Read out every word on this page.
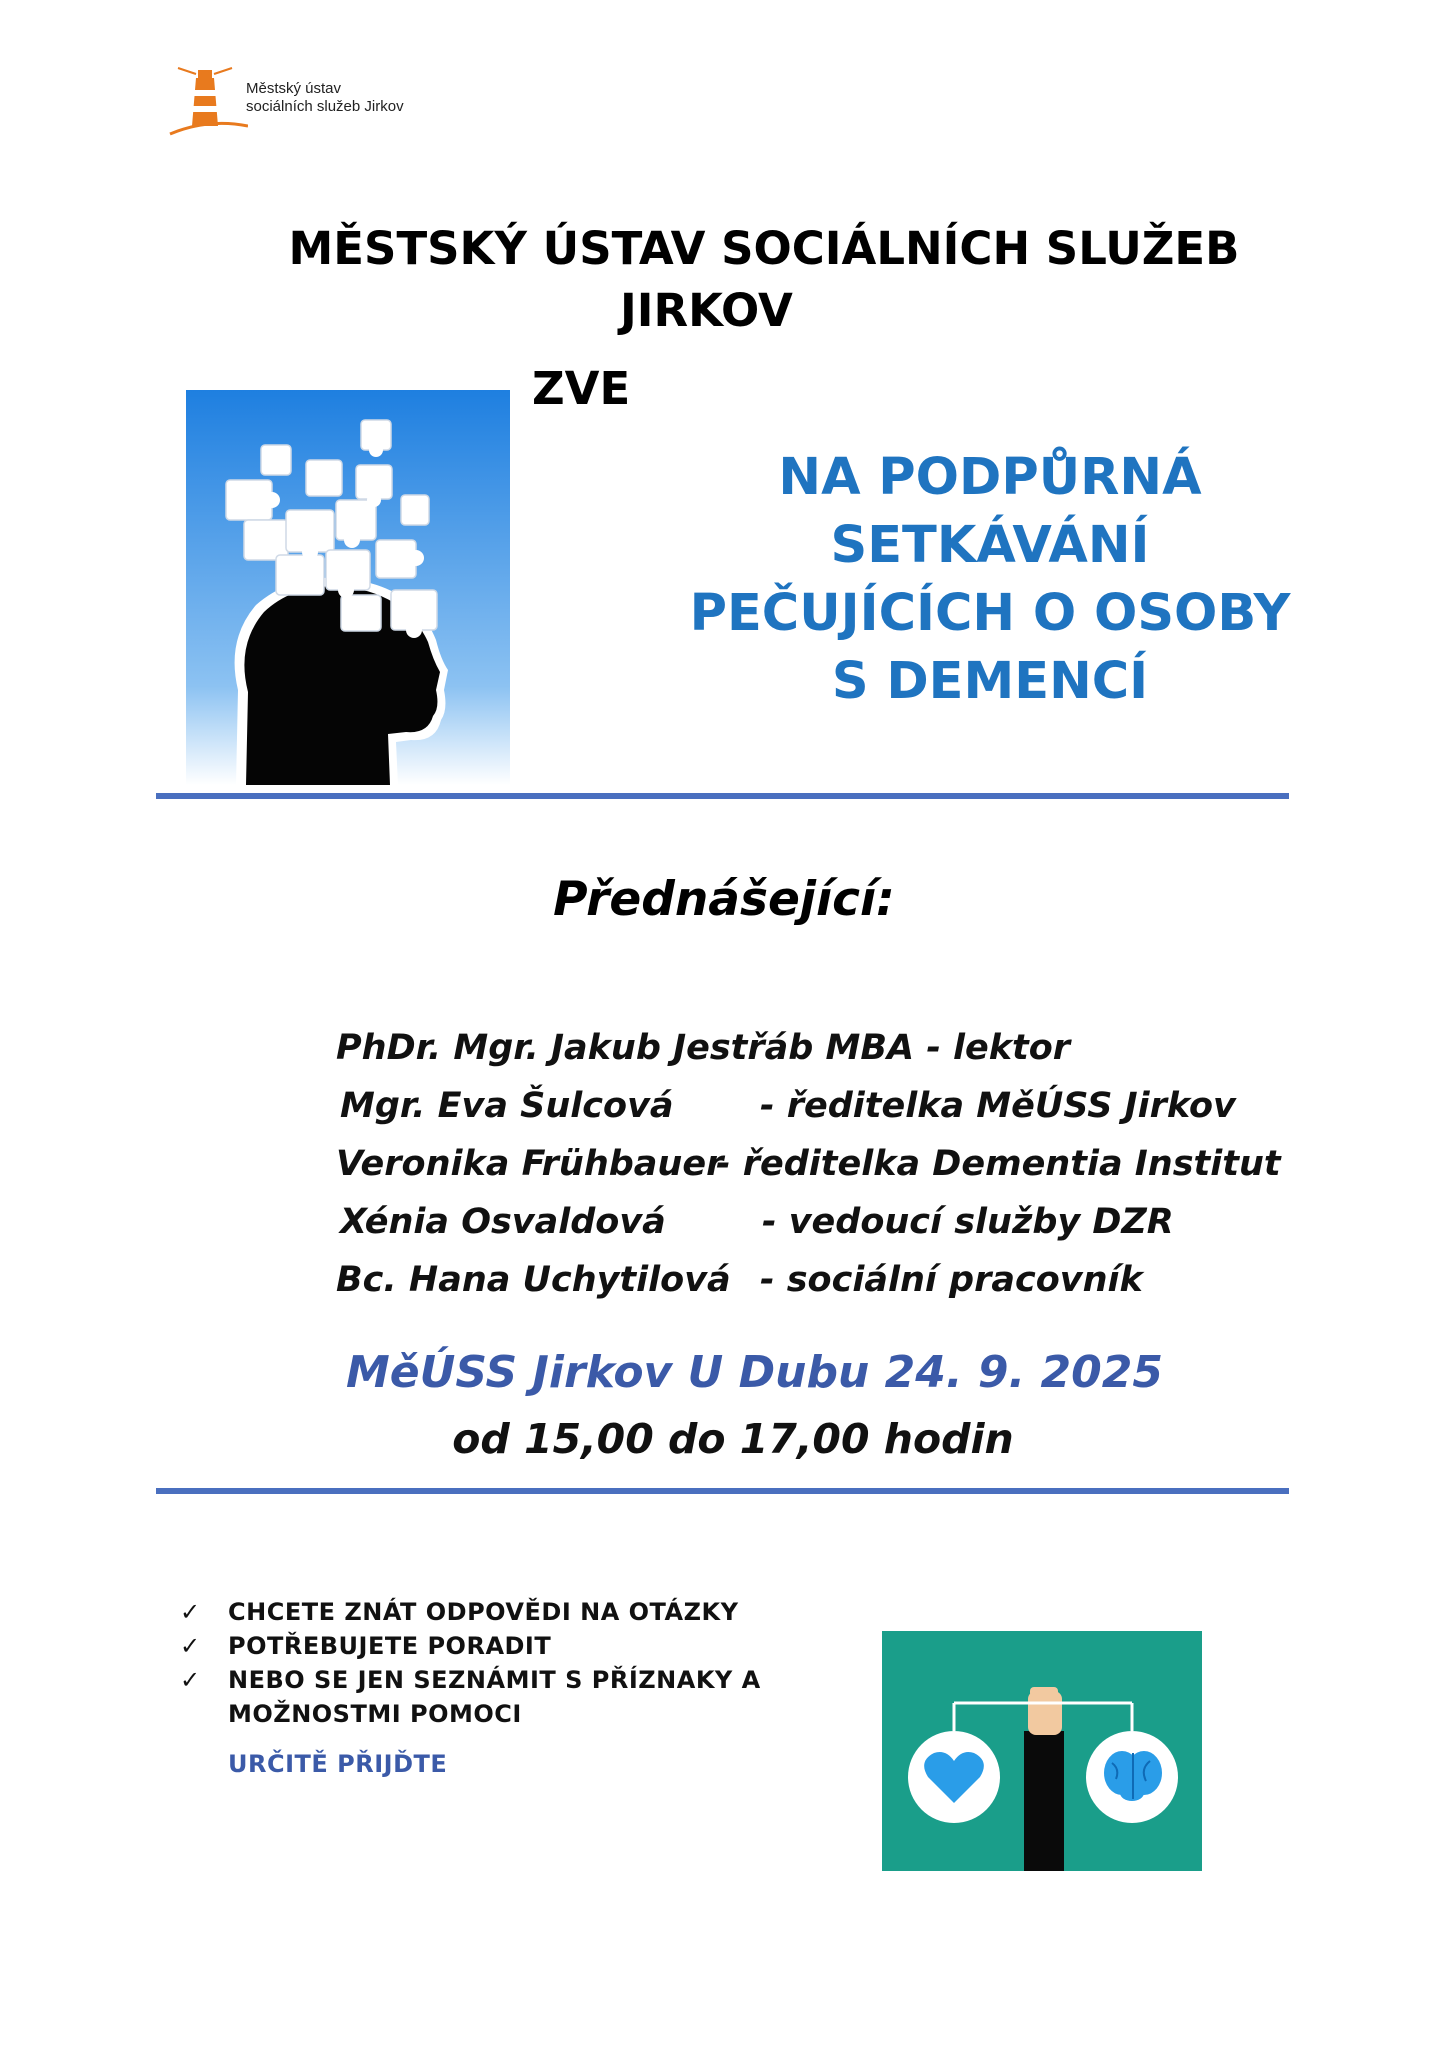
Městský ústav
sociálních služeb Jirkov
MĚSTSKÝ ÚSTAV SOCIÁLNÍCH SLUŽEB
JIRKOV
ZVE
NA PODPŮRNÁ
SETKÁVÁNÍ
PEČUJÍCÍCH O OSOBY
S DEMENCÍ
Přednášející:
PhDr. Mgr. Jakub Jestřáb MBA - lektor
Mgr. Eva Šulcová - ředitelka MěÚSS Jirkov
Veronika Frühbauer
- ředitelka Dementia Institut
Xénia Osvaldová	- vedoucí služby DZR
Bc. Hana Uchytilová - sociální pracovník
MěÚSS Jirkov U Dubu 24. 9. 2025
od 15,00 do 17,00 hodin
✓ CHCETE ZNÁT ODPOVĚDI NA OTÁZKY
✓ POTŘEBUJETE PORADIT
✓ NEBO SE JEN SEZNÁMIT S PŘÍZNAKY A MOŽNOSTMI POMOCI
URČITĚ PŘIJĎTE
